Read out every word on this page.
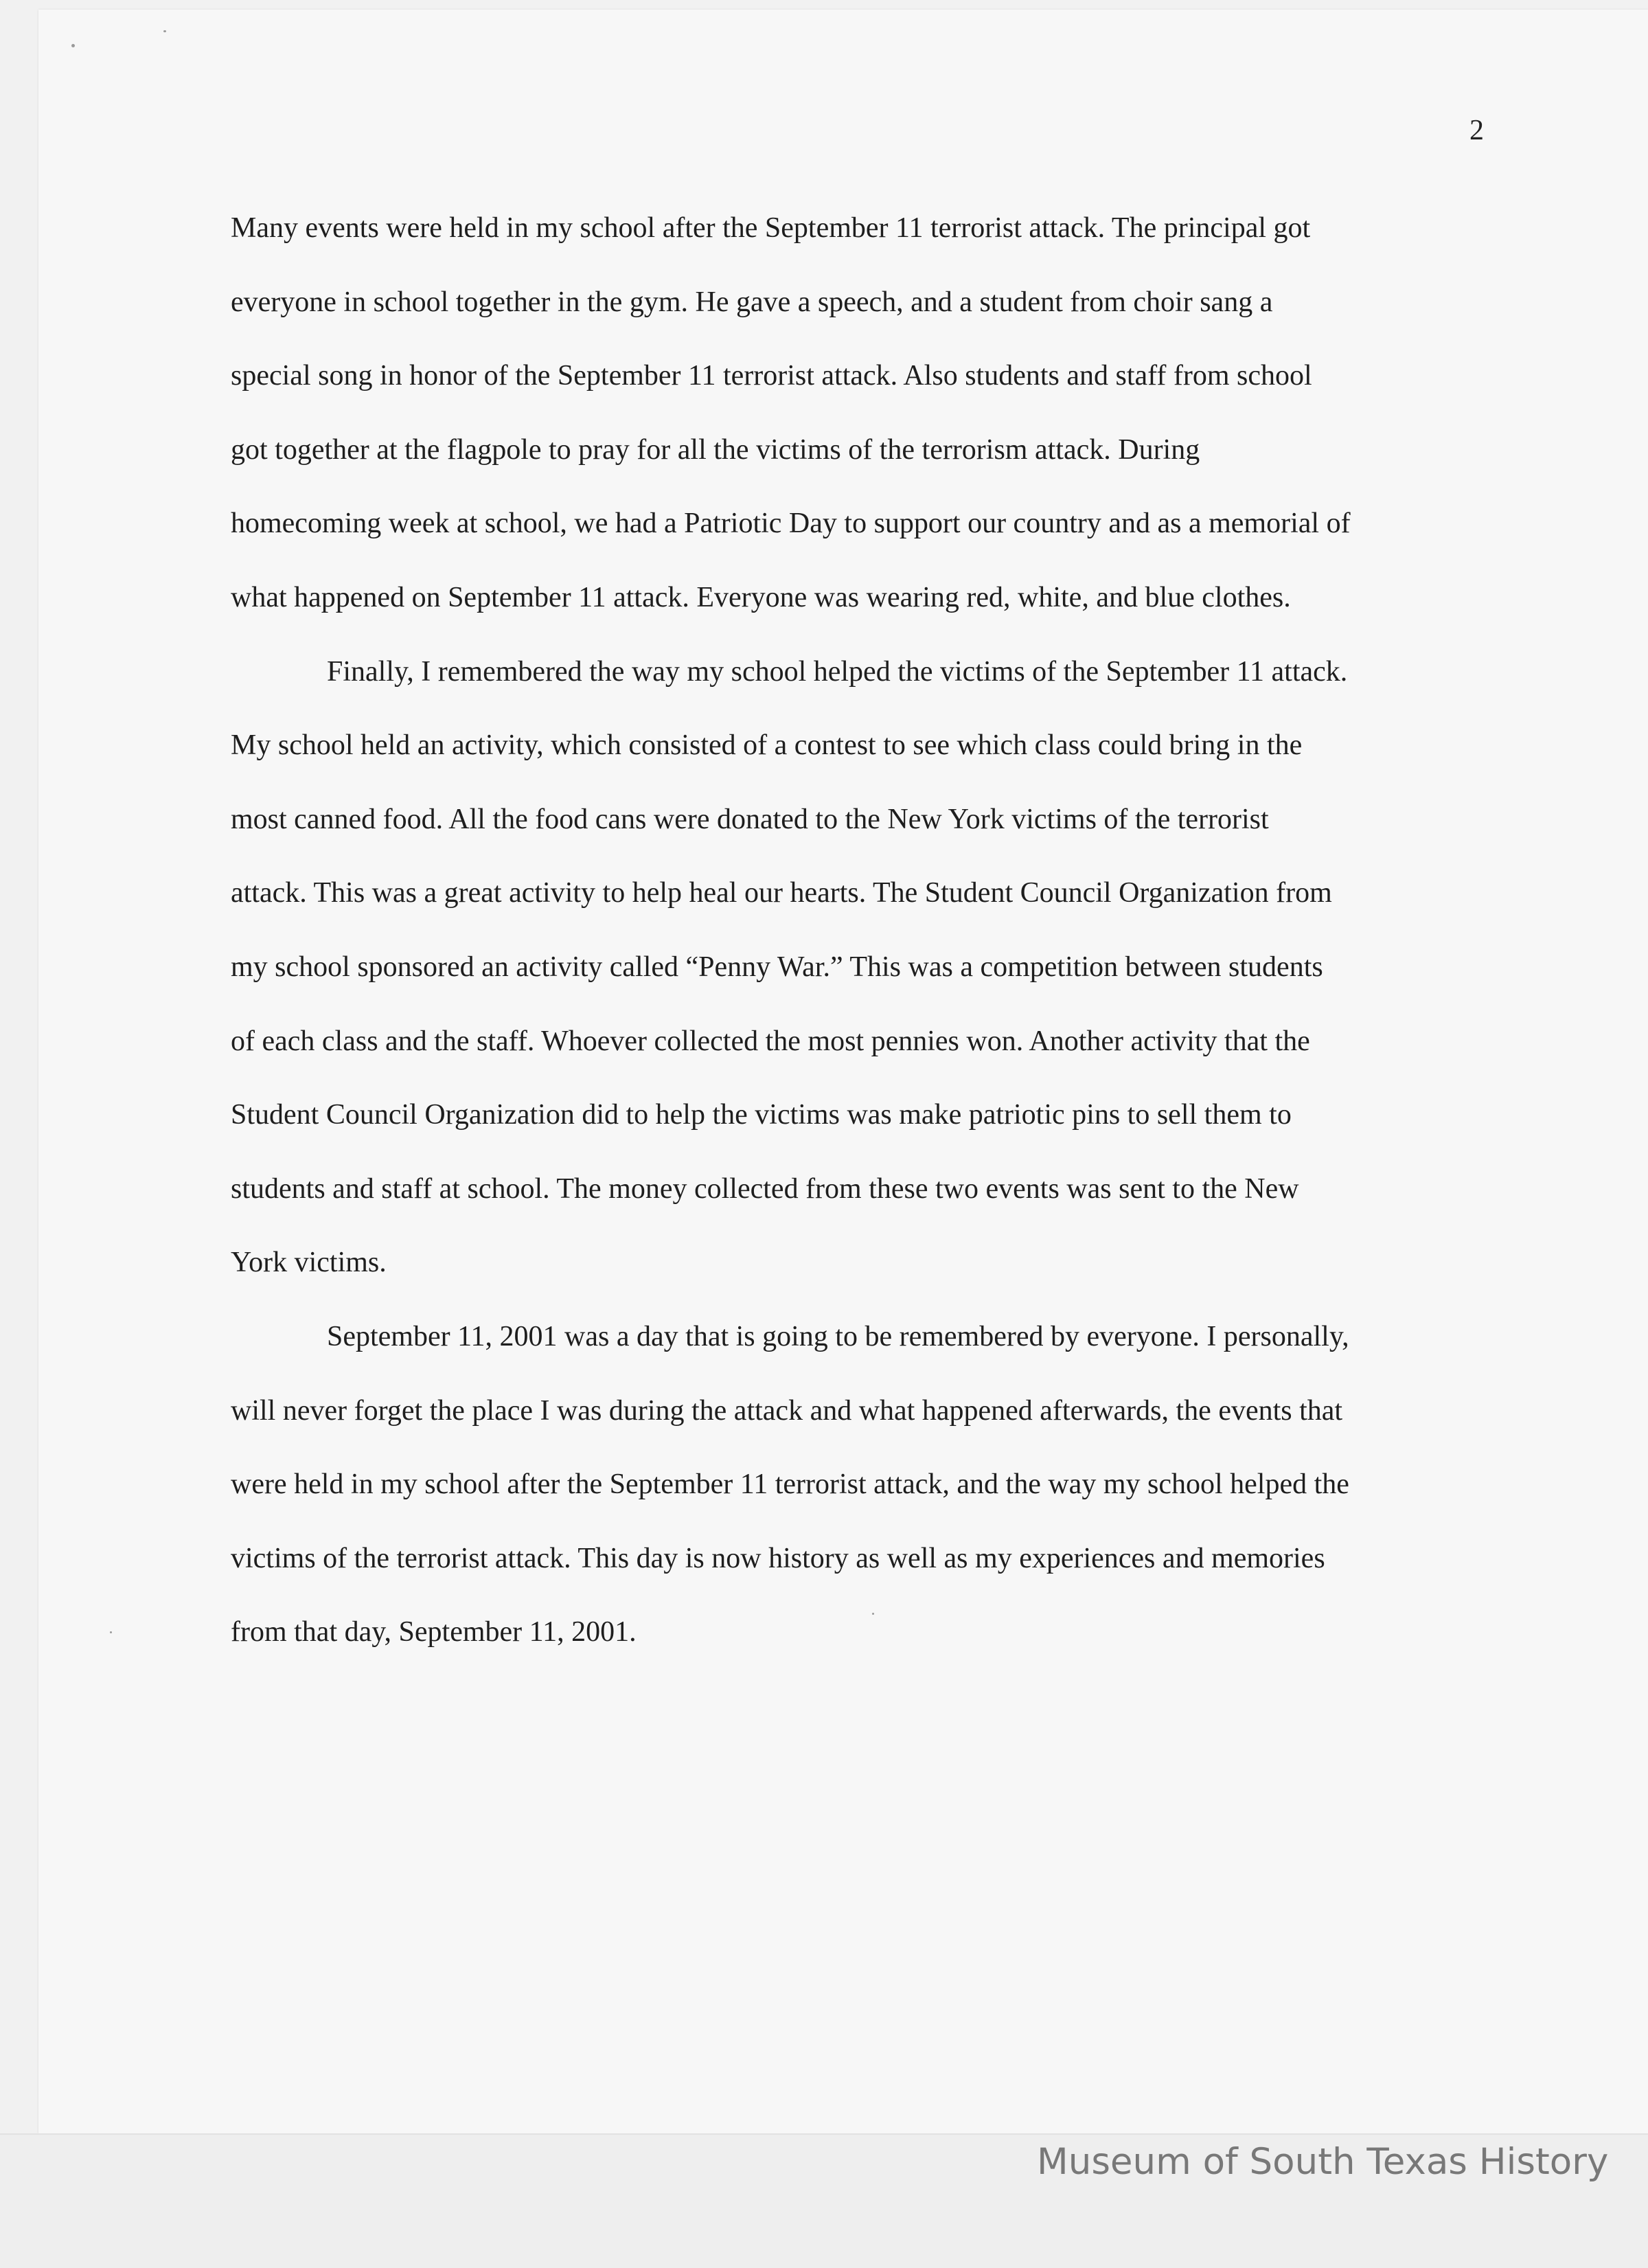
2
Many events were held in my school after the September 11 terrorist attack. The principal got
everyone in school together in the gym. He gave a speech, and a student from choir sang a
special song in honor of the September 11 terrorist attack. Also students and staff from school
got together at the flagpole to pray for all the victims of the terrorism attack. During
homecoming week at school, we had a Patriotic Day to support our country and as a memorial of
what happened on September 11 attack. Everyone was wearing red, white, and blue clothes.
Finally, I remembered the way my school helped the victims of the September 11 attack.
My school held an activity, which consisted of a contest to see which class could bring in the
most canned food. All the food cans were donated to the New York victims of the terrorist
attack. This was a great activity to help heal our hearts. The Student Council Organization from
my school sponsored an activity called “Penny War.” This was a competition between students
of each class and the staff. Whoever collected the most pennies won. Another activity that the
Student Council Organization did to help the victims was make patriotic pins to sell them to
students and staff at school. The money collected from these two events was sent to the New
York victims.
September 11, 2001 was a day that is going to be remembered by everyone. I personally,
will never forget the place I was during the attack and what happened afterwards, the events that
were held in my school after the September 11 terrorist attack, and the way my school helped the
victims of the terrorist attack. This day is now history as well as my experiences and memories
from that day, September 11, 2001.
Museum of South Texas History
